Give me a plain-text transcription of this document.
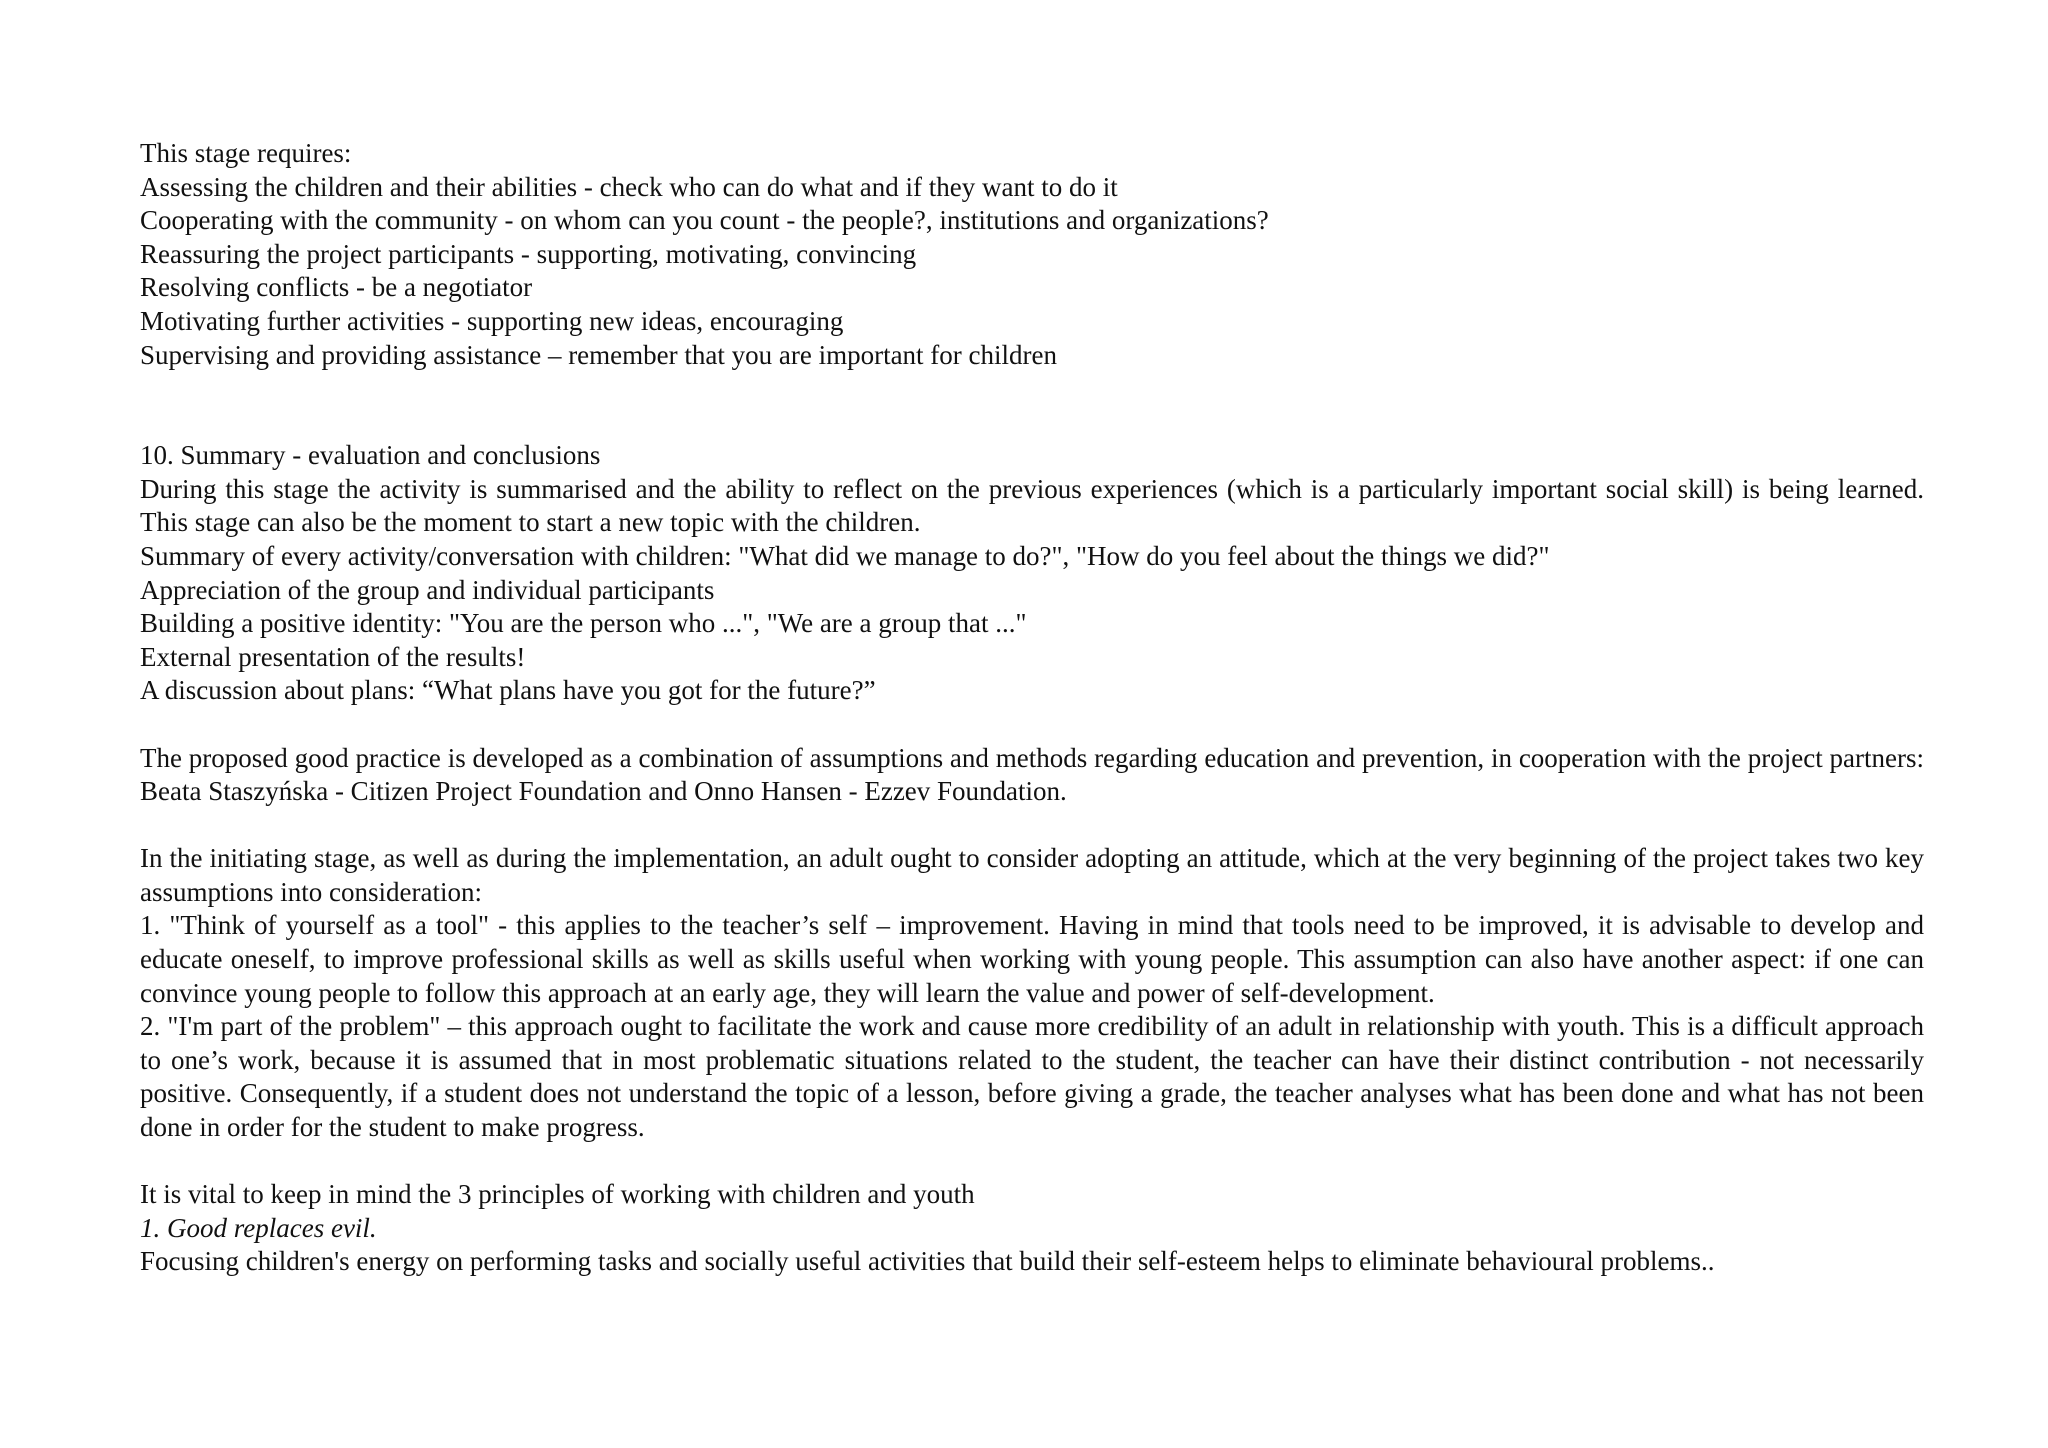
This stage requires:

Assessing the children and their abilities - check who can do what and if they want to do it

Cooperating with the community - on whom can you count - the people?, institutions and organizations?

Reassuring the project participants - supporting, motivating, convincing

Resolving conflicts - be a negotiator

Motivating further activities - supporting new ideas, encouraging

Supervising and providing assistance – remember that you are important for children

10. Summary - evaluation and conclusions

During this stage the activity is summarised and the ability to reflect on the previous experiences (which is a particularly important social skill) is being learned. This stage can also be the moment to start a new topic with the children.

Summary of every activity/conversation with children: "What did we manage to do?", "How do you feel about the things we did?"

Appreciation of the group and individual participants

Building a positive identity: "You are the person who ...", "We are a group that ..."

External presentation of the results!

A discussion about plans: “What plans have you got for the future?”

The proposed good practice is developed as a combination of assumptions and methods regarding education and prevention, in cooperation with the project partners: Beata Staszyńska - Citizen Project Foundation and Onno Hansen - Ezzev Foundation.

In the initiating stage, as well as during the implementation, an adult ought to consider adopting an attitude, which at the very beginning of the project takes two key assumptions into consideration:

1. "Think of yourself as a tool" - this applies to the teacher’s self – improvement. Having in mind that tools need to be improved, it is advisable to develop and educate oneself, to improve professional skills as well as skills useful when working with young people. This assumption can also have another aspect: if one can convince young people to follow this approach at an early age, they will learn the value and power of self-development.

2. "I'm part of the problem" – this approach ought to facilitate the work and cause more credibility of an adult in relationship with youth. This is a difficult approach to one’s work, because it is assumed that in most problematic situations related to the student, the teacher can have their distinct contribution - not necessarily positive. Consequently, if a student does not understand the topic of a lesson, before giving a grade, the teacher analyses what has been done and what has not been done in order for the student to make progress.

It is vital to keep in mind the 3 principles of working with children and youth

1. Good replaces evil.

Focusing children's energy on performing tasks and socially useful activities that build their self-esteem helps to eliminate behavioural problems..
